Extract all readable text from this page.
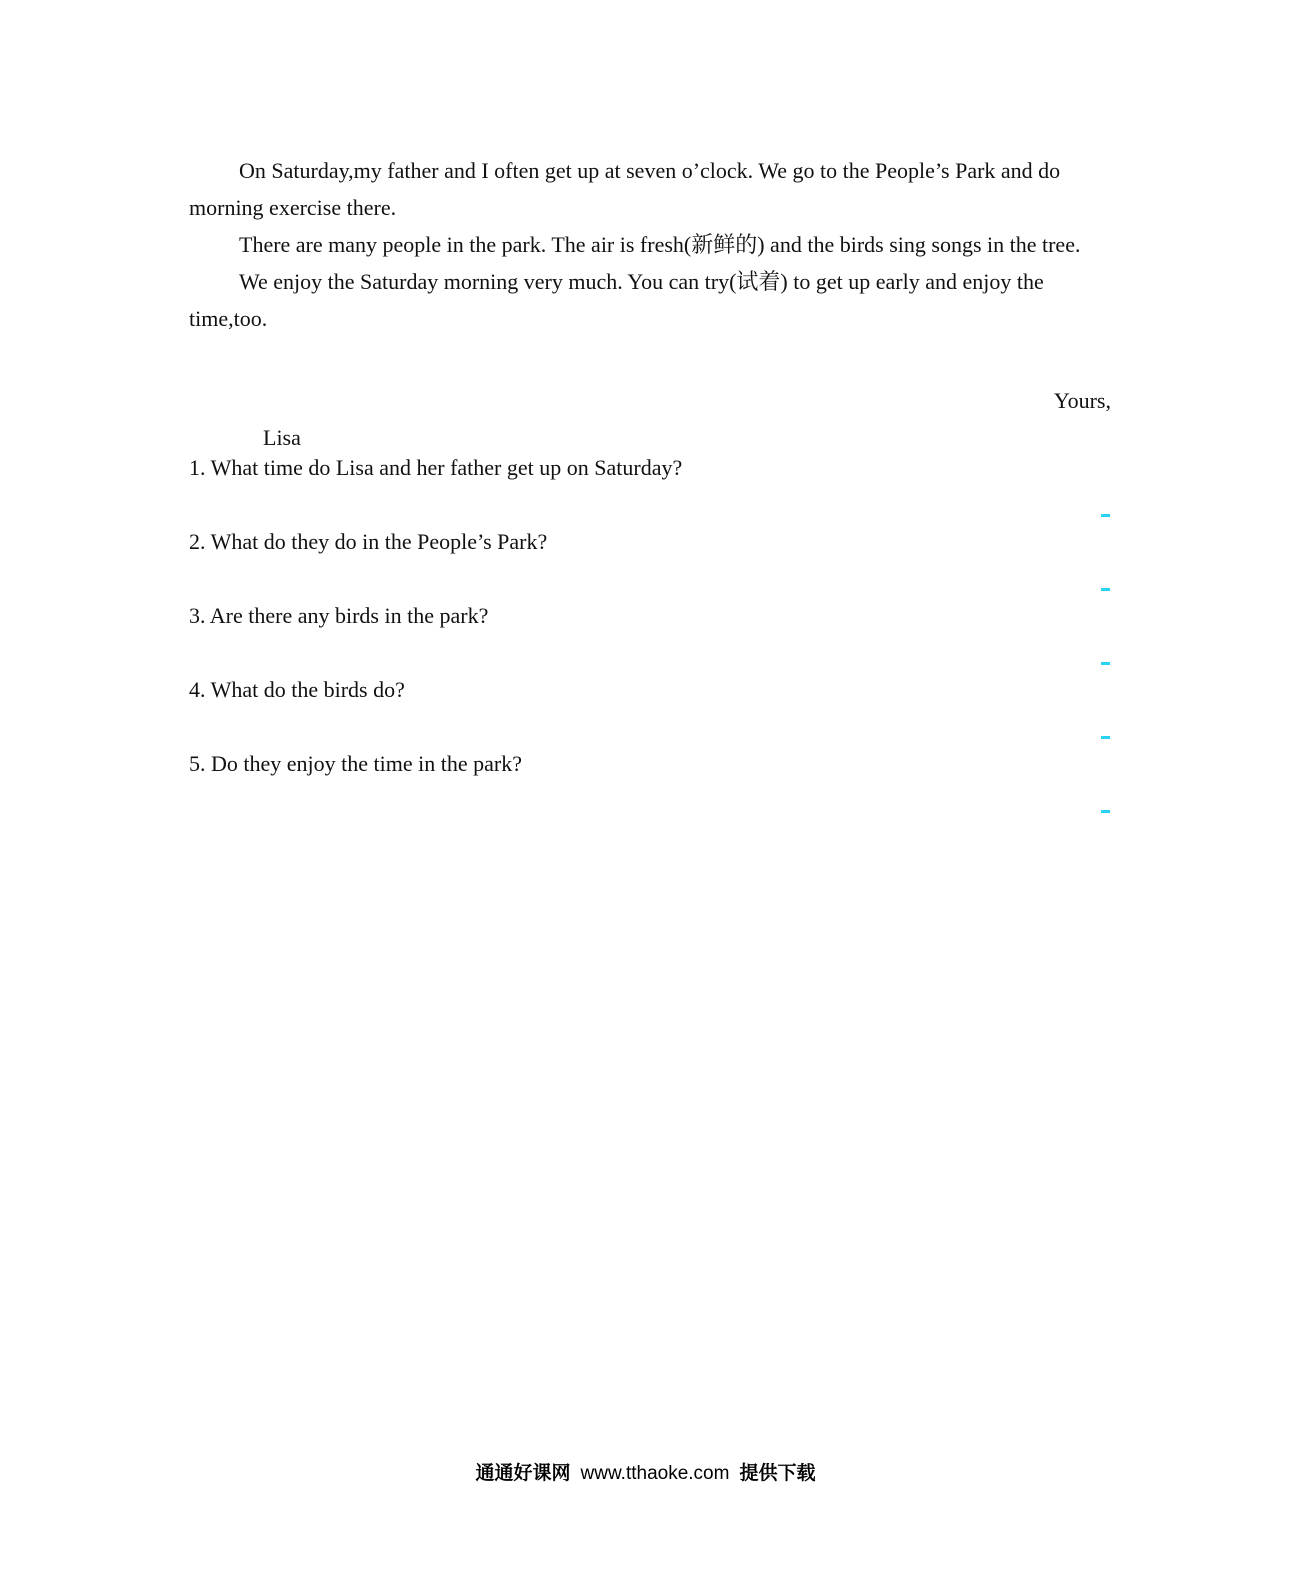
On Saturday,my father and I often get up at seven o’clock. We go to the People’s Park and do morning exercise there.

There are many people in the park. The air is fresh(新鲜的) and the birds sing songs in the tree.

We enjoy the Saturday morning very much. You can try(试着) to get up early and enjoy the time,too.

Yours,
Lisa
1. What time do Lisa and her father get up on Saturday?
2. What do they do in the People’s Park?
3. Are there any birds in the park?
4. What do the birds do?
5. Do they enjoy the time in the park?
通通好课网 www.tthaoke.com 提供下载
